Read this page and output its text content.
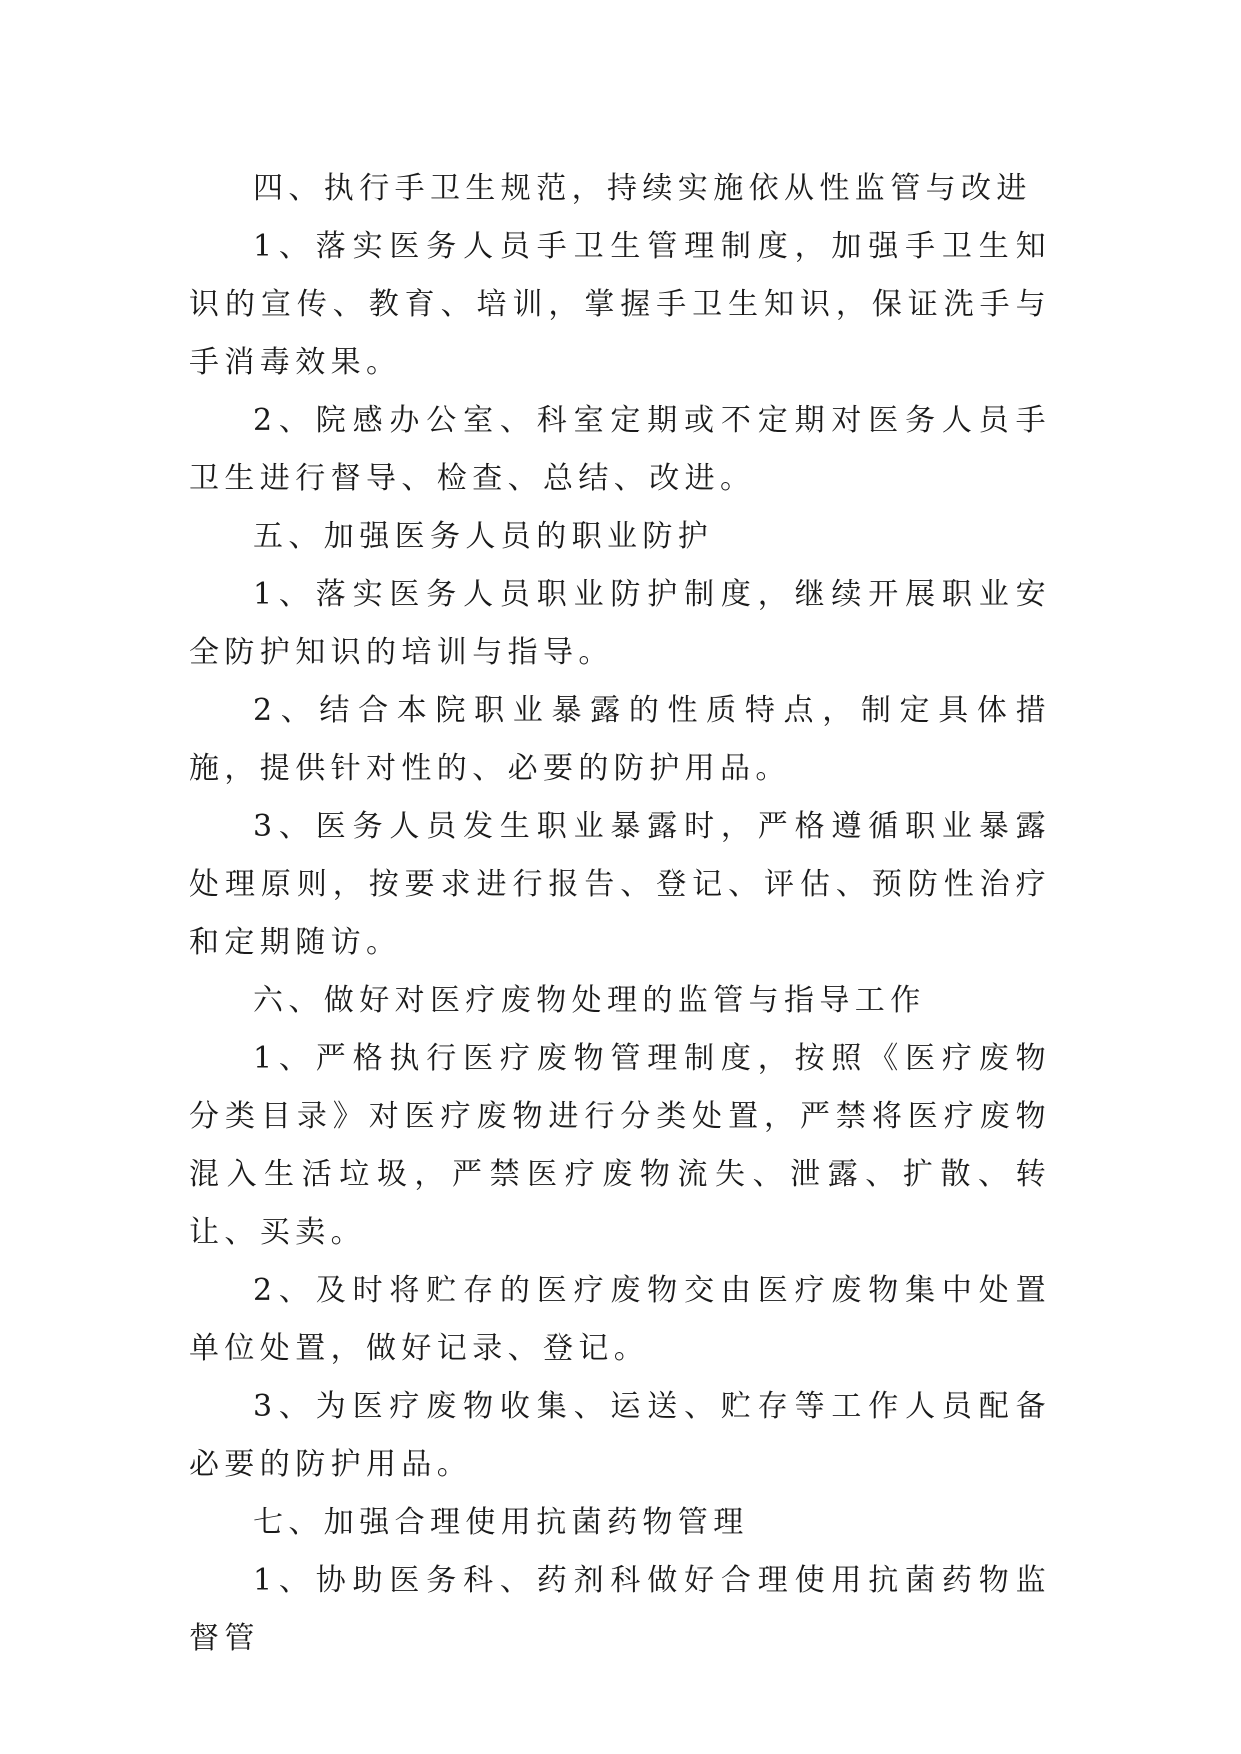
四、执行手卫生规范，持续实施依从性监管与改进

1、落实医务人员手卫生管理制度，加强手卫生知识的宣传、教育、培训，掌握手卫生知识，保证洗手与手消毒效果。

2、院感办公室、科室定期或不定期对医务人员手卫生进行督导、检查、总结、改进。

五、加强医务人员的职业防护

1、落实医务人员职业防护制度，继续开展职业安全防护知识的培训与指导。

2、结合本院职业暴露的性质特点，制定具体措施，提供针对性的、必要的防护用品。

3、医务人员发生职业暴露时，严格遵循职业暴露处理原则，按要求进行报告、登记、评估、预防性治疗和定期随访。

六、做好对医疗废物处理的监管与指导工作

1、严格执行医疗废物管理制度，按照《医疗废物分类目录》对医疗废物进行分类处置，严禁将医疗废物混入生活垃圾，严禁医疗废物流失、泄露、扩散、转让、买卖。

2、及时将贮存的医疗废物交由医疗废物集中处置单位处置，做好记录、登记。

3、为医疗废物收集、运送、贮存等工作人员配备必要的防护用品。

七、加强合理使用抗菌药物管理

1、协助医务科、药剂科做好合理使用抗菌药物监督管
